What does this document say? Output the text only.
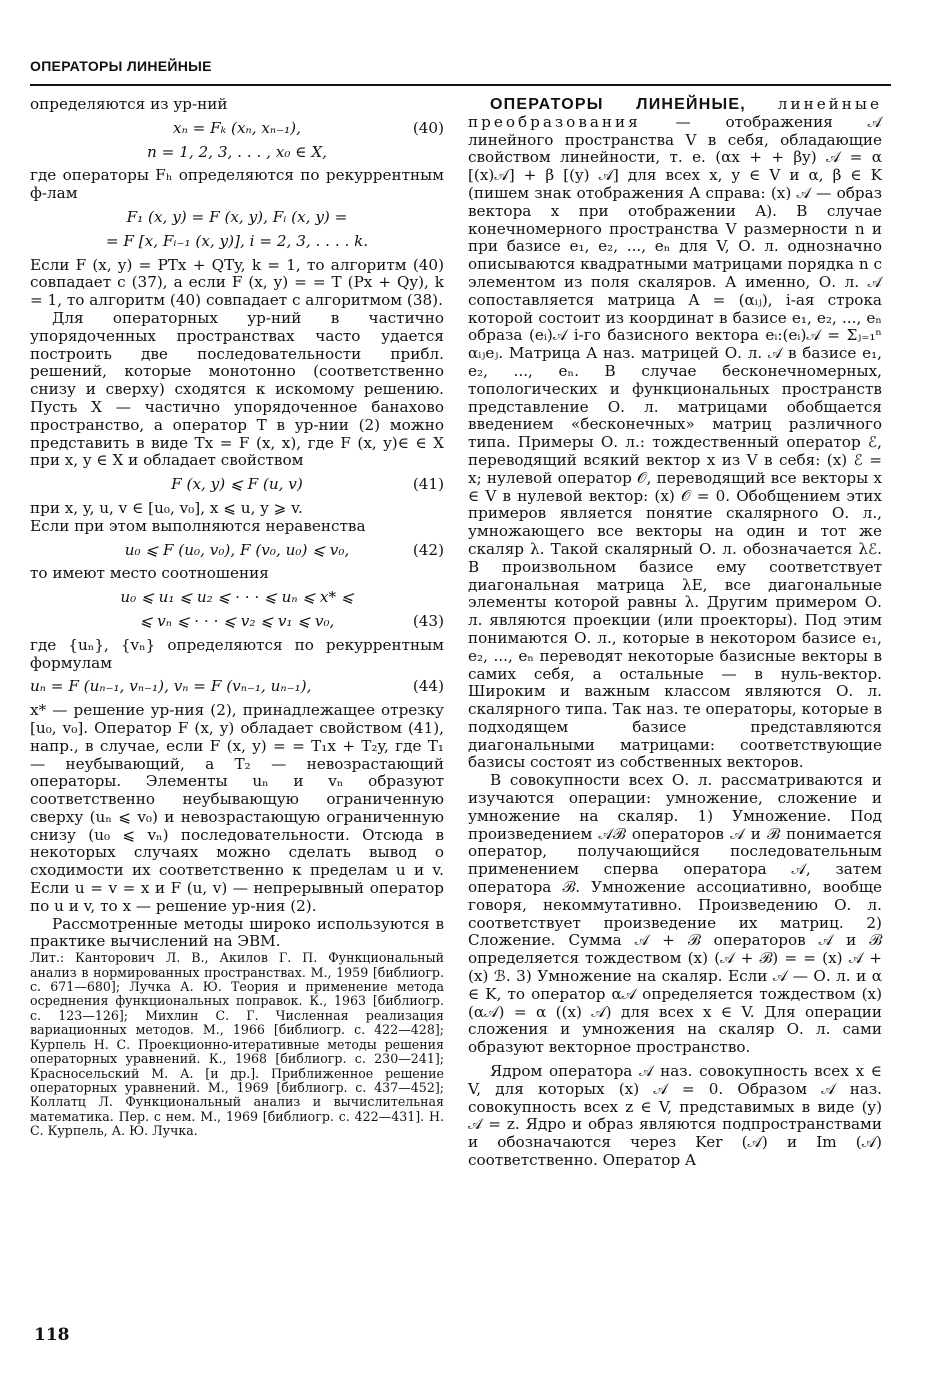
ОПЕРАТОРЫ ЛИНЕЙНЫЕ

определяются из ур-ний

xₙ = Fₖ (xₙ, xₙ₋₁),	(40)
n = 1, 2, 3, . . . , x₀ ∈ X,

где операторы Fₕ определяются по рекуррентным ф-лам

F₁ (x, y) = F (x, y), Fᵢ (x, y) =
= F [x, Fᵢ₋₁ (x, y)], i = 2, 3, . . . . k.

Если F (x, y) = PTx + QTy, k = 1, то алгоритм (40) совпадает с (37), а если F (x, y) = = T (Px + Qy), k = 1, то алгоритм (40) совпадает с алгоритмом (38).

Для операторных ур-ний в частично упорядоченных пространствах часто удается построить две последовательности прибл. решений, которые монотонно (соответственно снизу и сверху) сходятся к искомому решению. Пусть X — частично упорядоченное банахово пространство, а оператор T в ур-нии (2) можно представить в виде Tx = F (x, x), где F (x, y)∈ ∈ X при x, y ∈ X и обладает свойством

F (x, y) ⩽ F (u, v)	(41)

при x, y, u, v ∈ [u₀, v₀], x ⩽ u, y ⩾ v.

Если при этом выполняются неравенства

u₀ ⩽ F (u₀, v₀), F (v₀, u₀) ⩽ v₀,	(42)

то имеют место соотношения

u₀ ⩽ u₁ ⩽ u₂ ⩽ · · · ⩽ uₙ ⩽ x* ⩽
⩽ vₙ ⩽ · · · ⩽ v₂ ⩽ v₁ ⩽ v₀,	(43)

где {uₙ}, {vₙ} определяются по рекуррентным формулам

uₙ = F (uₙ₋₁, vₙ₋₁), vₙ = F (vₙ₋₁, uₙ₋₁),	(44)

x* — решение ур-ния (2), принадлежащее отрезку [u₀, v₀]. Оператор F (x, y) обладает свойством (41), напр., в случае, если F (x, y) = = T₁x + T₂y, где T₁ — неубывающий, а T₂ — невозрастающий операторы. Элементы uₙ и vₙ образуют соответственно неубывающую ограниченную сверху (uₙ ⩽ v₀) и невозрастающую ограниченную снизу (u₀ ⩽ vₙ) последовательности. Отсюда в некоторых случаях можно сделать вывод о сходимости их соответственно к пределам u и v. Если u = v = x и F (u, v) — непрерывный оператор по u и v, то x — решение ур-ния (2).

Рассмотренные методы широко используются в практике вычислений на ЭВМ.

Лит.: Канторович Л. В., Акилов Г. П. Функциональный анализ в нормированных пространствах. М., 1959 [библиогр. с. 671—680]; Лучка А. Ю. Теория и применение метода осреднения функциональных поправок. К., 1963 [библиогр. с. 123—126]; Михлин С. Г. Численная реализация вариационных методов. М., 1966 [библиогр. с. 422—428]; Курпель Н. С. Проекционно-итеративные методы решения операторных уравнений. К., 1968 [библиогр. с. 230—241]; Красносельский М. А. [и др.]. Приближенное решение операторных уравнений. М., 1969 [библиогр. с. 437—452]; Коллатц Л. Функциональный анализ и вычислительная математика. Пер. с нем. М., 1969 [библиогр. с. 422—431]. Н. С. Курпель, А. Ю. Лучка.

ОПЕРАТОРЫ ЛИНЕЙНЫЕ, линейные преобразования — отображения 𝒜 линейного пространства V в себя, обладающие свойством линейности, т. е. (αx + + βy) 𝒜 = α [(x)𝒜] + β [(y) 𝒜] для всех x, y ∈ V и α, β ∈ K (пишем знак отображения A справа: (x) 𝒜 — образ вектора x при отображении A). В случае конечномерного пространства V размерности n и при базисе e₁, e₂, ..., eₙ для V, О. л. однозначно описываются квадратными матрицами порядка n с элементом из поля скаляров. А именно, О. л. 𝒜 сопоставляется матрица A = (αᵢⱼ), i-ая строка которой состоит из координат в базисе e₁, e₂, ..., eₙ образа (eᵢ)𝒜 i-го базисного вектора eᵢ:(eᵢ)𝒜 = Σⱼ₌₁ⁿ αᵢⱼeⱼ. Матрица A наз. матрицей О. л. 𝒜 в базисе e₁, e₂, ..., eₙ. В случае бесконечномерных, топологических и функциональных пространств представление О. л. матрицами обобщается введением «бесконечных» матриц различного типа. Примеры О. л.: тождественный оператор ℰ, переводящий всякий вектор x из V в себя: (x) ℰ = x; нулевой оператор 𝒪, переводящий все векторы x ∈ V в нулевой вектор: (x) 𝒪 = 0. Обобщением этих примеров является понятие скалярного О. л., умножающего все векторы на один и тот же скаляр λ. Такой скалярный О. л. обозначается λℰ. В произвольном базисе ему соответствует диагональная матрица λE, все диагональные элементы которой равны λ. Другим примером О. л. являются проекции (или проекторы). Под этим понимаются О. л., которые в некотором базисе e₁, e₂, ..., eₙ переводят некоторые базисные векторы в самих себя, а остальные — в нуль-вектор. Широким и важным классом являются О. л. скалярного типа. Так наз. те операторы, которые в подходящем базисе представляются диагональными матрицами: соответствующие базисы состоят из собственных векторов.

В совокупности всех О. л. рассматриваются и изучаются операции: умножение, сложение и умножение на скаляр. 1) Умножение. Под произведением 𝒜ℬ операторов 𝒜 и ℬ понимается оператор, получающийся последовательным применением сперва оператора 𝒜, затем оператора ℬ. Умножение ассоциативно, вообще говоря, некоммутативно. Произведению О. л. соответствует произведение их матриц. 2) Сложение. Сумма 𝒜 + ℬ операторов 𝒜 и ℬ определяется тождеством (x) (𝒜 + ℬ) = = (x) 𝒜 + (x) ℬ. 3) Умножение на скаляр. Если 𝒜 — О. л. и α ∈ K, то оператор α𝒜 определяется тождеством (x) (α𝒜) = α ((x) 𝒜) для всех x ∈ V. Для операции сложения и умножения на скаляр О. л. сами образуют векторное пространство.

Ядром оператора 𝒜 наз. совокупность всех x ∈ V, для которых (x) 𝒜 = 0. Образом 𝒜 наз. совокупность всех z ∈ V, представимых в виде (y) 𝒜 = z. Ядро и образ являются подпространствами и обозначаются через Ker (𝒜) и Im (𝒜) соответственно. Оператор A

118
